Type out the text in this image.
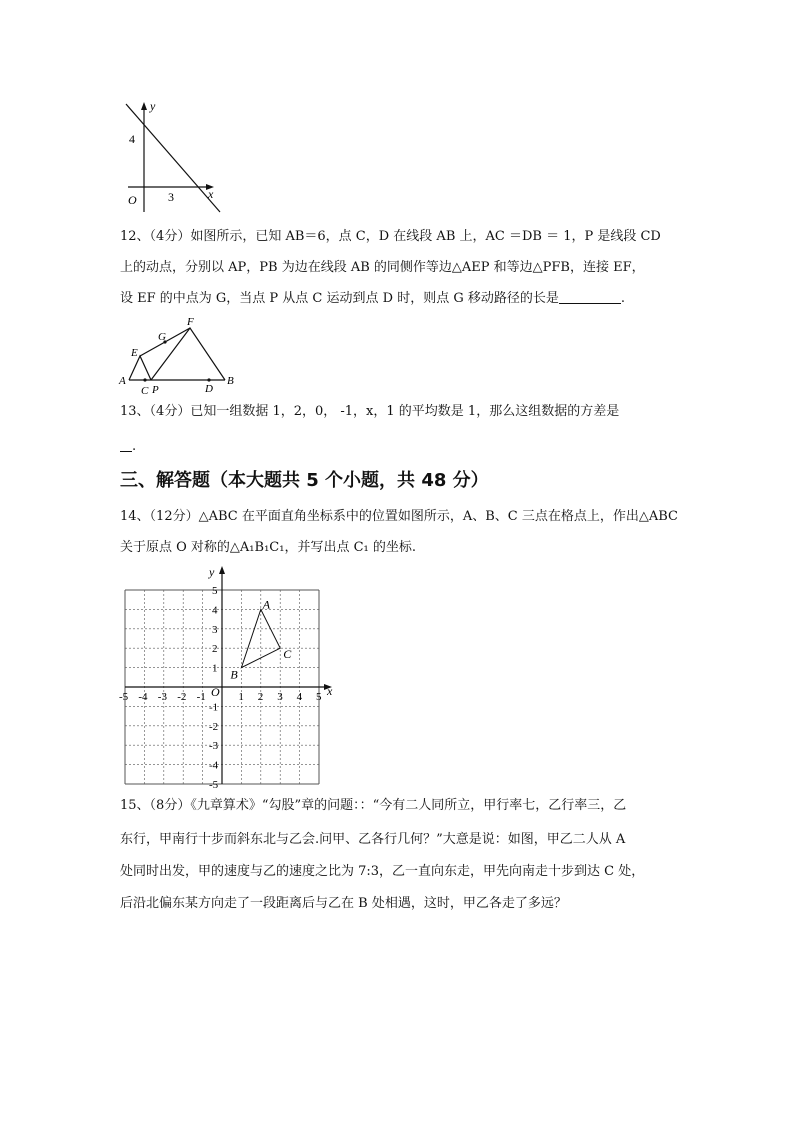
y
x
O
4
3
12、（4分）如图所示，已知 AB＝6，点 C，D 在线段 AB 上，AC ＝DB ＝ 1，P 是线段 CD
上的动点，分别以 AP，PB 为边在线段 AB 的同侧作等边△AEP 和等边△PFB，连接 EF，
设 EF 的中点为 G，当点 P 从点 C 运动到点 D 时，则点 G 移动路径的长是	.
A	B
C	D
E
F
G
P
13、（4分）已知一组数据 1，2，0， -1，x，1 的平均数是 1，那么这组数据的方差是
.
三、解答题（本大题共 5 个小题，共 48 分）
14、（12分）△ABC 在平面直角坐标系中的位置如图所示，A、B、C 三点在格点上，作出△ABC
关于原点 O 对称的△A₁B₁C₁，并写出点 C₁ 的坐标.
-5 -4 -3 -2 -1	1 2 3 4 5
5
4
3
2
1
-1
-2
-3
-4
-5
y
x
O
A
B
C
15、（8分）《九章算术》“勾股”章的问题：：“今有二人同所立，甲行率七，乙行率三，乙
东行，甲南行十步而斜东北与乙会.问甲、乙各行几何？”大意是说：如图，甲乙二人从 A
处同时出发，甲的速度与乙的速度之比为 7:3，乙一直向东走，甲先向南走十步到达 C 处，
后沿北偏东某方向走了一段距离后与乙在 B 处相遇，这时，甲乙各走了多远？
